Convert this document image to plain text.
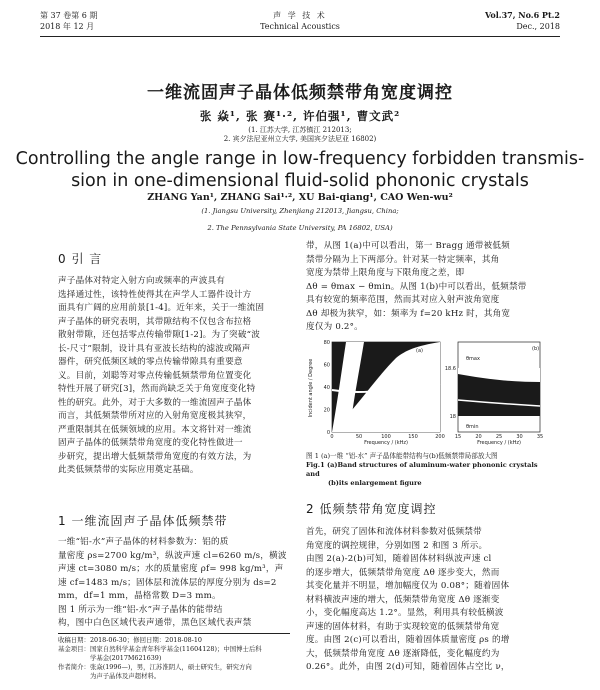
第 37 卷第 6 期
2018 年 12 月
声 学 技 术
Technical Acoustics
Vol.37, No.6 Pt.2
Dec., 2018
一维流固声子晶体低频禁带角宽度调控
张 焱¹, 张 赛¹·², 许伯强¹, 曹文武²
(1. 江苏大学, 江苏镇江 212013;
2. 宾夕法尼亚州立大学, 美国宾夕法尼亚 16802)
Controlling the angle range in low-frequency forbidden transmis-
sion in one-dimensional fluid-solid phononic crystals
ZHANG Yan¹, ZHANG Sai¹·², XU Bai-qiang¹, CAO Wen-wu²
(1. Jiangsu University, Zhenjiang 212013, Jiangsu, China;
2. The Pennsylvania State University, PA 16802, USA)
0 引 言
声子晶体对特定入射方向或频率的声波具有
选择通过性，该特性使得其在声学人工器件设计方
面具有广阔的应用前景[1-4]。近年来，关于一维流固
声子晶体的研究表明，其带隙结构不仅包含布拉格
散射带隙，还包括零点传输带隙[1-2]。为了突破“波
长-尺寸”限制，设计具有亚波长结构的滤波或隔声
器件，研究低频区域的零点传输带隙具有重要意
义。目前，刘聪等对零点传输低频禁带角位置变化
特性开展了研究[3]，然而尚缺乏关于角宽度变化特
性的研究。此外，对于大多数的一维流固声子晶体
而言，其低频禁带所对应的入射角宽度极其狭窄，
严重限制其在低频领域的应用。本文将针对一维流
固声子晶体的低频禁带角宽度的变化特性做进一
步研究，提出增大低频禁带角宽度的有效方法，为
此类低频禁带的实际应用奠定基础。
1 一维流固声子晶体低频禁带
一维“铝-水”声子晶体的材料参数为：铝的质
量密度 ρs=2700 kg/m³，纵波声速 cl=6260 m/s，横波
声速 ct=3080 m/s；水的质量密度 ρf= 998 kg/m³，声
速 cf=1483 m/s；固体层和流体层的厚度分别为 ds=2
mm，df=1 mm，晶格常数 D=3 mm。
图 1 所示为一维“铝-水”声子晶体的能带结
构，图中白色区域代表声通带，黑色区域代表声禁
收稿日期：2018-06-30；修回日期：2018-08-10
基金项目：国家自然科学基金青年科学基金(11604128)；中国博士后科
　　　　　学基金(2017M621639)
作者简介：张焱(1996—)，男，江苏淮阴人，硕士研究生，研究方向
　　　　　为声子晶体及声超材料。
带，从图 1(a)中可以看出，第一 Bragg 通带被低频
禁带分隔为上下两部分。针对某一特定频率，其角
宽度为禁带上限角度与下限角度之差，即
Δθ = θmax − θmin。从图 1(b)中可以看出，低频禁带
具有较宽的频率范围，然而其对应入射声波角宽度
Δθ 却极为狭窄，如：频率为 f=20 kHz 时，其角宽
度仅为 0.2°。
(a)
0	50	100	150	200
0
20
40
60
80
Frequency / (kHz)
Incident angle / Degree
(b)
θmax
θmin
15	20	25	30	35
18
18.6
Frequency / (kHz)
图 1 (a)一维 “铝-水” 声子晶体能带结构与(b)低频禁带局部放大图
Fig.1 (a)Band structures of aluminum-water phononic crystals and
(b)its enlargement figure
2 低频禁带角宽度调控
首先，研究了固体和流体材料参数对低频禁带
角宽度的调控规律，分别如图 2 和图 3 所示。
由图 2(a)-2(b)可知，随着固体材料纵波声速 cl
的逐步增大，低频禁带角宽度 Δθ 逐步变大，然而
其变化量并不明显，增加幅度仅为 0.08°；随着固体
材料横波声速的增大，低频禁带角宽度 Δθ 逐渐变
小，变化幅度高达 1.2°。显然，利用具有较低横波
声速的固体材料，有助于实现较宽的低频禁带角宽
度。由图 2(c)可以看出，随着固体质量密度 ρs 的增
大，低频禁带角宽度 Δθ 逐渐降低，变化幅度约为
0.26°。此外，由图 2(d)可知，随着固体占空比 ν，
